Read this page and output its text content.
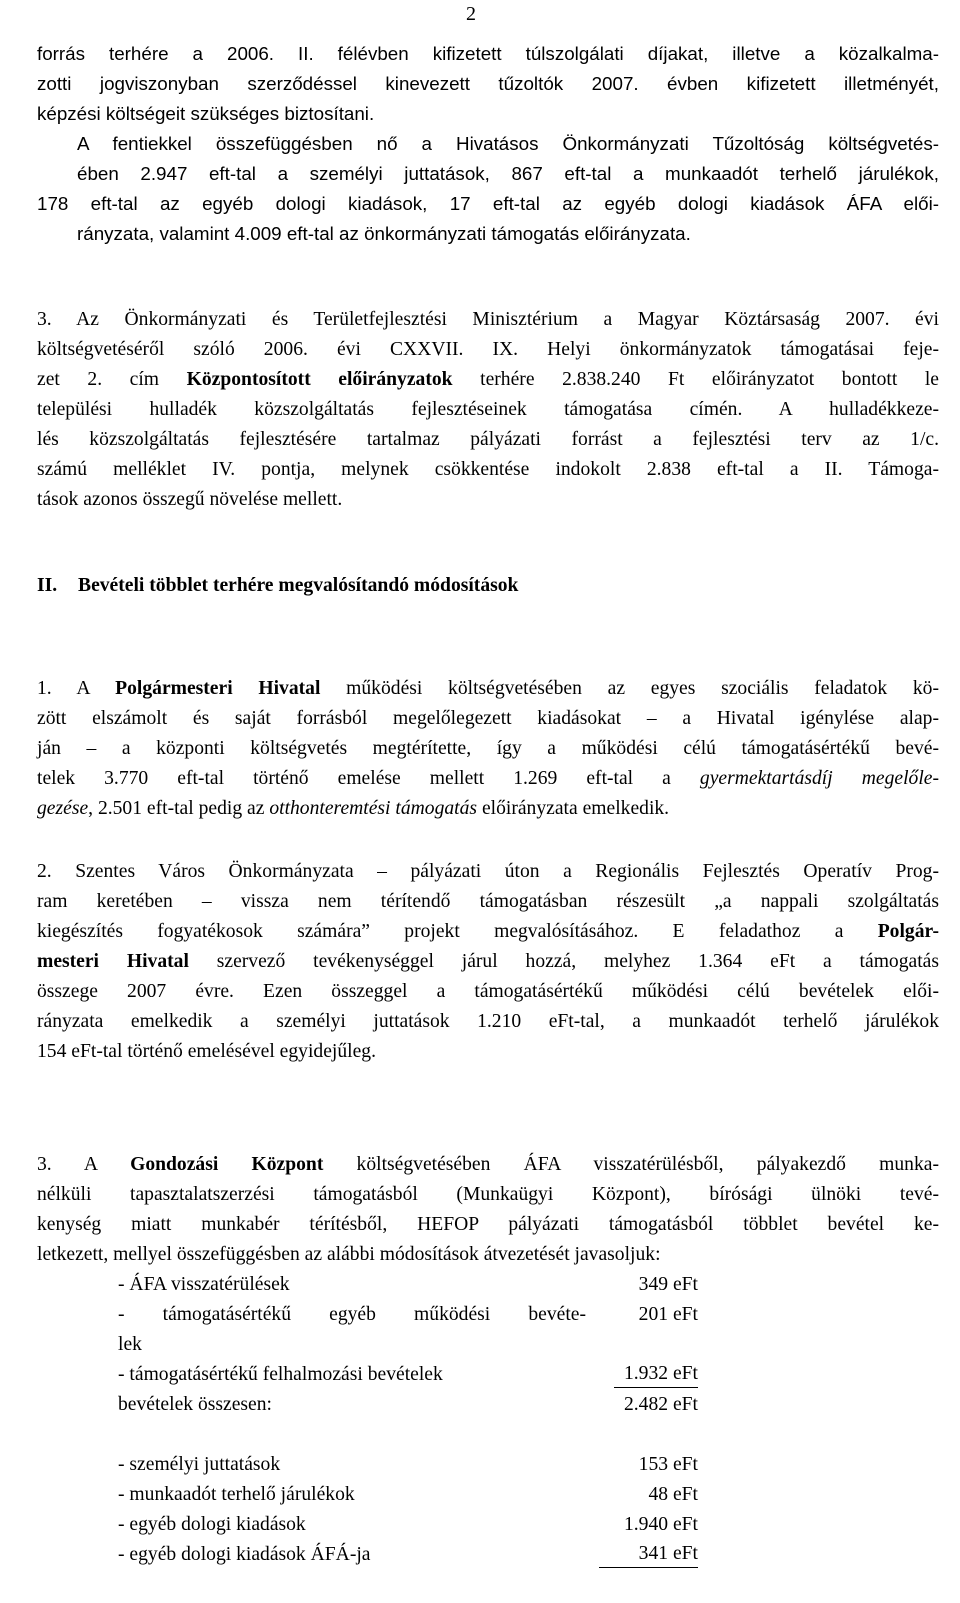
2
forrás terhére a 2006. II. félévben kifizetett túlszolgálati díjakat, illetve a közalkalma-
zotti jogviszonyban szerződéssel kinevezett tűzoltók 2007. évben kifizetett illetményét,
képzési költségeit szükséges biztosítani.
A fentiekkel összefüggésben nő a Hivatásos Önkormányzati Tűzoltóság költségvetés-
ében 2.947 eft-tal a személyi juttatások, 867 eft-tal a munkaadót terhelő járulékok,
178 eft-tal az egyéb dologi kiadások, 17 eft-tal az egyéb dologi kiadások ÁFA elői-
rányzata, valamint 4.009 eft-tal az önkormányzati támogatás előirányzata.
3. Az Önkormányzati és Területfejlesztési Minisztérium a Magyar Köztársaság 2007. évi
költségvetéséről szóló 2006. évi CXXVII. IX. Helyi önkormányzatok támogatásai feje-
zet 2. cím Központosított előirányzatok terhére 2.838.240 Ft előirányzatot bontott le
települési hulladék közszolgáltatás fejlesztéseinek támogatása címén. A hulladékkeze-
lés közszolgáltatás fejlesztésére tartalmaz pályázati forrást a fejlesztési terv az 1/c.
számú melléklet IV. pontja, melynek csökkentése indokolt 2.838 eft-tal a II. Támoga-
tások azonos összegű növelése mellett.
II. Bevételi többlet terhére megvalósítandó módosítások
1. A Polgármesteri Hivatal működési költségvetésében az egyes szociális feladatok kö-
zött elszámolt és saját forrásból megelőlegezett kiadásokat – a Hivatal igénylése alap-
ján – a központi költségvetés megtérítette, így a működési célú támogatásértékű bevé-
telek 3.770 eft-tal történő emelése mellett 1.269 eft-tal a gyermektartásdíj megelőle-
gezése, 2.501 eft-tal pedig az otthonteremtési támogatás előirányzata emelkedik.
2. Szentes Város Önkormányzata – pályázati úton a Regionális Fejlesztés Operatív Prog-
ram keretében – vissza nem térítendő támogatásban részesült „a nappali szolgáltatás
kiegészítés fogyatékosok számára” projekt megvalósításához. E feladathoz a Polgár-
mesteri Hivatal szervező tevékenységgel járul hozzá, melyhez 1.364 eFt a támogatás
összege 2007 évre. Ezen összeggel a támogatásértékű működési célú bevételek elői-
rányzata emelkedik a személyi juttatások 1.210 eFt-tal, a munkaadót terhelő járulékok
154 eFt-tal történő emelésével egyidejűleg.
3. A Gondozási Központ költségvetésében ÁFA visszatérülésből, pályakezdő munka-
nélküli tapasztalatszerzési támogatásból (Munkaügyi Központ), bírósági ülnöki tevé-
kenység miatt munkabér térítésből, HEFOP pályázati támogatásból többlet bevétel ke-
letkezett, mellyel összefüggésben az alábbi módosítások átvezetését javasoljuk:
- ÁFA visszatérülések	349 eFt
- támogatásértékű egyéb működési bevéte-	201 eFt
lek
- támogatásértékű felhalmozási bevételek	1.932 eFt
bevételek összesen:	2.482 eFt
- személyi juttatások	153 eFt
- munkaadót terhelő járulékok	48 eFt
- egyéb dologi kiadások	1.940 eFt
- egyéb dologi kiadások ÁFÁ-ja	341 eFt
